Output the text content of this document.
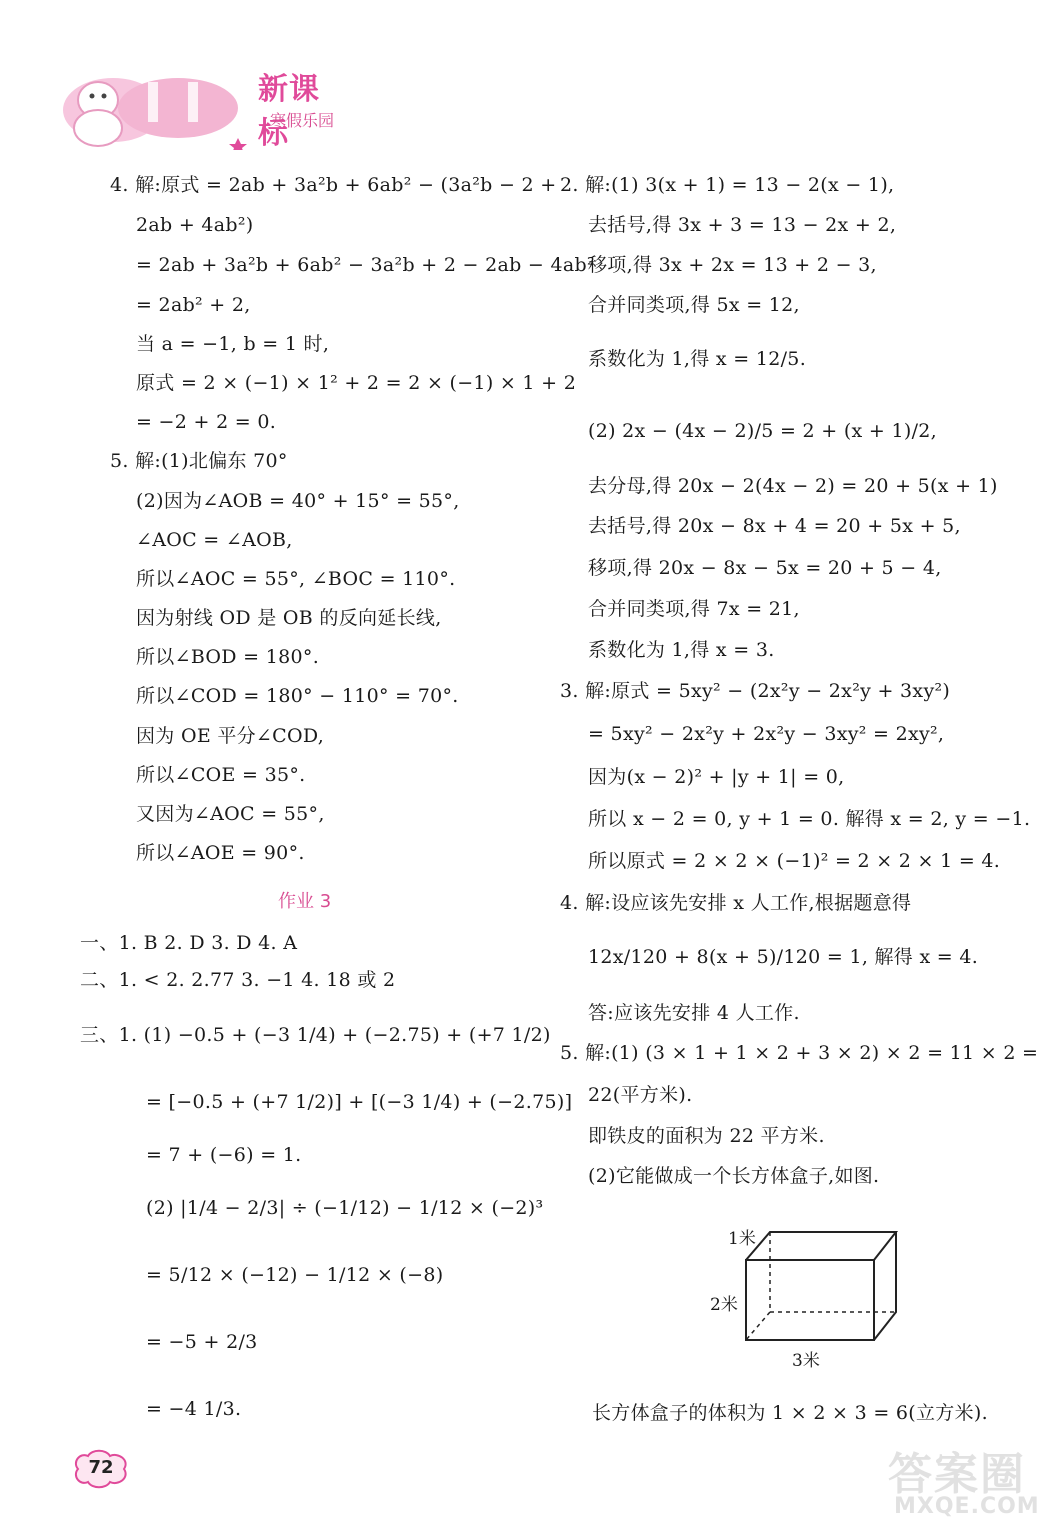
新课标
寒假乐园
4. 解:原式 = 2ab + 3a²b + 6ab² − (3a²b − 2 +
2ab + 4ab²)
= 2ab + 3a²b + 6ab² − 3a²b + 2 − 2ab − 4ab²
= 2ab² + 2,
当 a = −1, b = 1 时,
原式 = 2 × (−1) × 1² + 2 = 2 × (−1) × 1 + 2
= −2 + 2 = 0.
5. 解:(1)北偏东 70°
(2)因为∠AOB = 40° + 15° = 55°,
∠AOC = ∠AOB,
所以∠AOC = 55°, ∠BOC = 110°.
因为射线 OD 是 OB 的反向延长线,
所以∠BOD = 180°.
所以∠COD = 180° − 110° = 70°.
因为 OE 平分∠COD,
所以∠COE = 35°.
又因为∠AOC = 55°,
所以∠AOE = 90°.
作业 3
一、1. B 2. D 3. D 4. A
二、1. < 2. 2.77 3. −1 4. 18 或 2
三、1. (1) −0.5 + (−3 1/4) + (−2.75) + (+7 1/2)
= [−0.5 + (+7 1/2)] + [(−3 1/4) + (−2.75)]
= 7 + (−6) = 1.
(2) |1/4 − 2/3| ÷ (−1/12) − 1/12 × (−2)³
= 5/12 × (−12) − 1/12 × (−8)
= −5 + 2/3
= −4 1/3.
2. 解:(1) 3(x + 1) = 13 − 2(x − 1),
去括号,得 3x + 3 = 13 − 2x + 2,
移项,得 3x + 2x = 13 + 2 − 3,
合并同类项,得 5x = 12,
系数化为 1,得 x = 12/5.
(2) 2x − (4x − 2)/5 = 2 + (x + 1)/2,
去分母,得 20x − 2(4x − 2) = 20 + 5(x + 1)
去括号,得 20x − 8x + 4 = 20 + 5x + 5,
移项,得 20x − 8x − 5x = 20 + 5 − 4,
合并同类项,得 7x = 21,
系数化为 1,得 x = 3.
3. 解:原式 = 5xy² − (2x²y − 2x²y + 3xy²)
= 5xy² − 2x²y + 2x²y − 3xy² = 2xy²,
因为(x − 2)² + |y + 1| = 0,
所以 x − 2 = 0, y + 1 = 0. 解得 x = 2, y = −1.
所以原式 = 2 × 2 × (−1)² = 2 × 2 × 1 = 4.
4. 解:设应该先安排 x 人工作,根据题意得
12x/120 + 8(x + 5)/120 = 1, 解得 x = 4.
答:应该先安排 4 人工作.
5. 解:(1) (3 × 1 + 1 × 2 + 3 × 2) × 2 = 11 × 2 =
22(平方米).
即铁皮的面积为 22 平方米.
(2)它能做成一个长方体盒子,如图.
1米
2米
3米
长方体盒子的体积为 1 × 2 × 3 = 6(立方米).
72	答案圈
MXQE.COM
